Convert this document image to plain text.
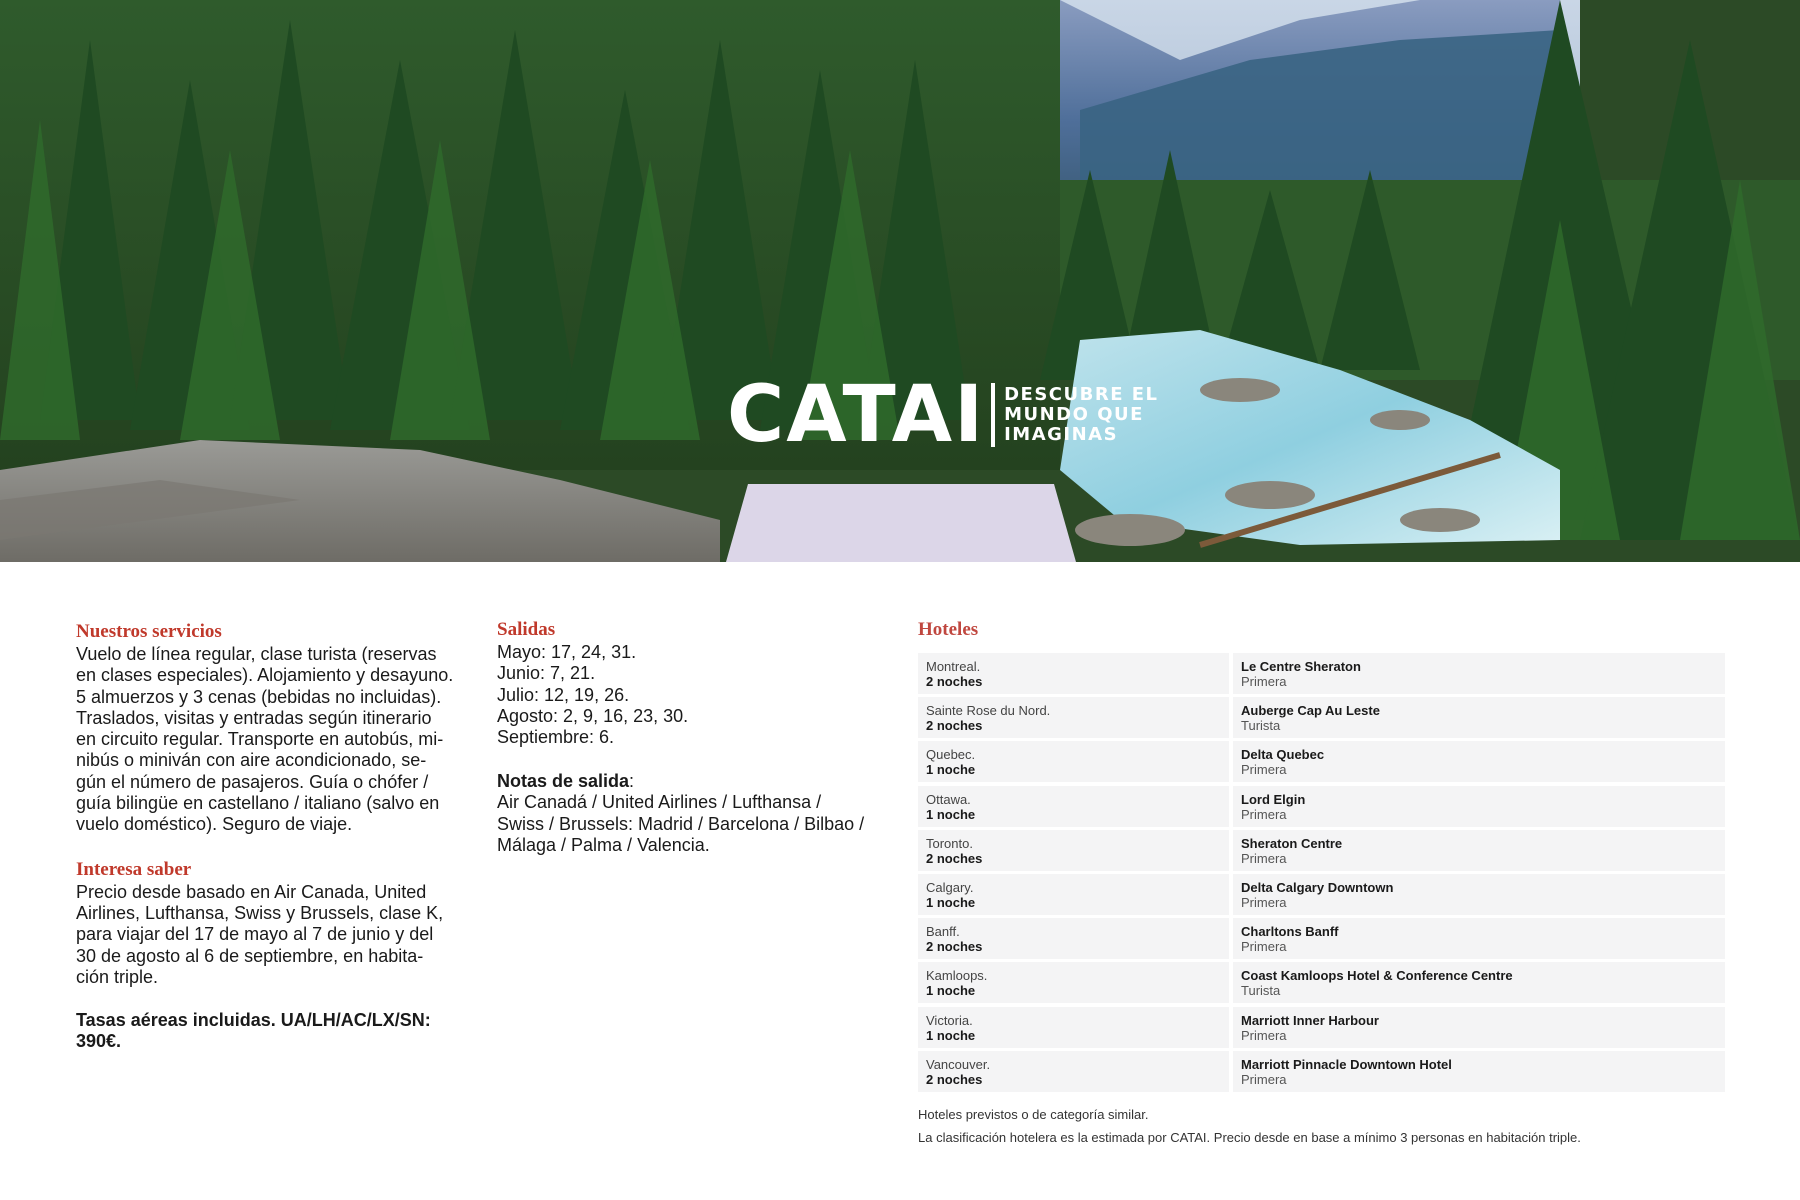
CATAI DESCUBRE EL
MUNDO QUE
IMAGINAS
Nuestros servicios
Vuelo de línea regular, clase turista (reservas
en clases especiales). Alojamiento y desayuno.
5 almuerzos y 3 cenas (bebidas no incluidas).
Traslados, visitas y entradas según itinerario
en circuito regular. Transporte en autobús, mi-
nibús o miniván con aire acondicionado, se-
gún el número de pasajeros. Guía o chófer /
guía bilingüe en castellano / italiano (salvo en
vuelo doméstico). Seguro de viaje.
Interesa saber
Precio desde basado en Air Canada, United
Airlines, Lufthansa, Swiss y Brussels, clase K,
para viajar del 17 de mayo al 7 de junio y del
30 de agosto al 6 de septiembre, en habita-
ción triple.
Tasas aéreas incluidas. UA/LH/AC/LX/SN:
390€.
Salidas
Mayo: 17, 24, 31.
Junio: 7, 21.
Julio: 12, 19, 26.
Agosto: 2, 9, 16, 23, 30.
Septiembre: 6.
Notas de salida:
Air Canadá / United Airlines / Lufthansa /
Swiss / Brussels: Madrid / Barcelona / Bilbao /
Málaga / Palma / Valencia.
Hoteles
Montreal.
2 noches
Le Centre Sheraton
Primera
Sainte Rose du Nord.
2 noches
Auberge Cap Au Leste
Turista
Quebec.
1 noche
Delta Quebec
Primera
Ottawa.
1 noche
Lord Elgin
Primera
Toronto.
2 noches
Sheraton Centre
Primera
Calgary.
1 noche
Delta Calgary Downtown
Primera
Banff.
2 noches
Charltons Banff
Primera
Kamloops.
1 noche
Coast Kamloops Hotel & Conference Centre
Turista
Victoria.
1 noche
Marriott Inner Harbour
Primera
Vancouver.
2 noches
Marriott Pinnacle Downtown Hotel
Primera
Hoteles previstos o de categoría similar.
La clasificación hotelera es la estimada por CATAI. Precio desde en base a mínimo 3 personas en habitación triple.
